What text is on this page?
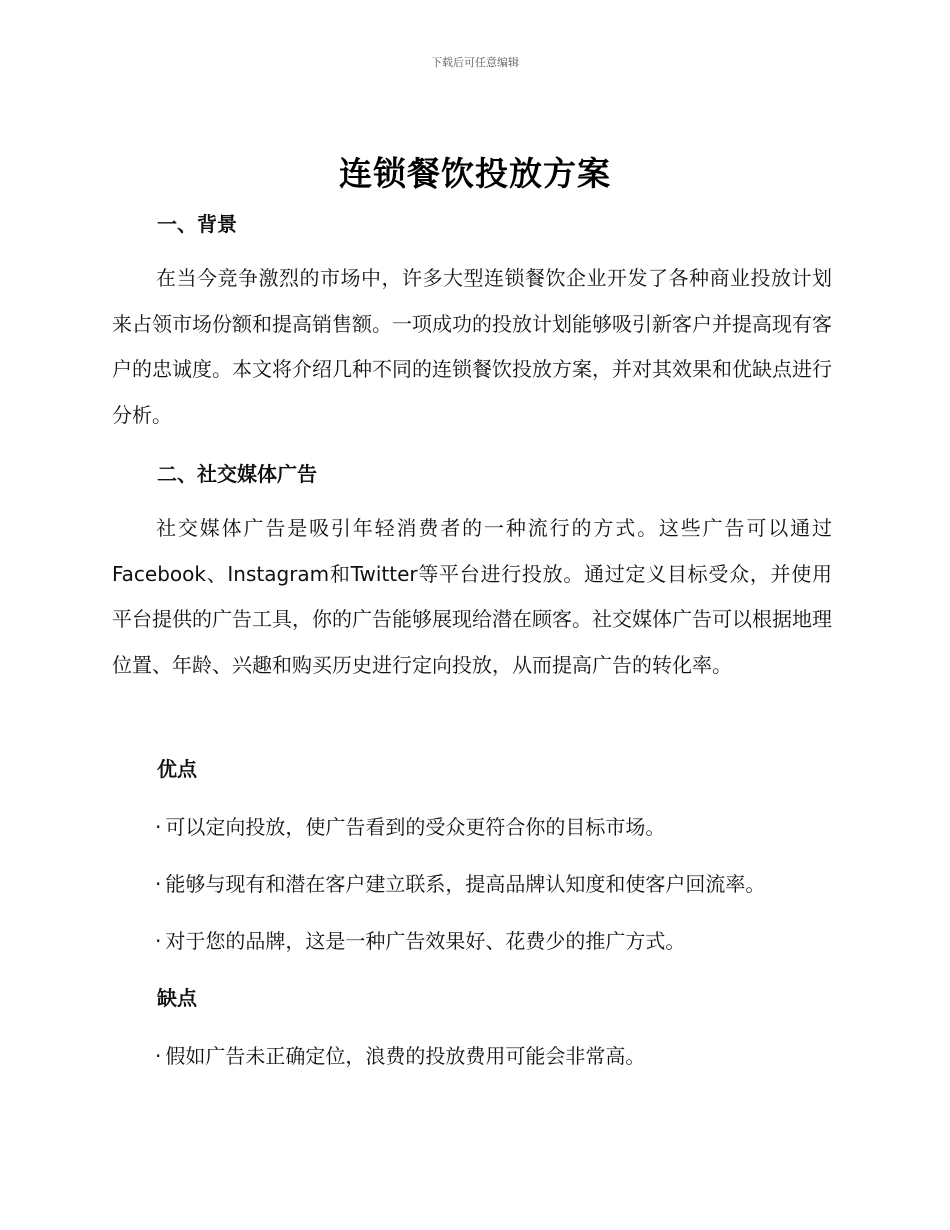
下载后可任意编辑
连锁餐饮投放方案
一、背景
在当今竞争激烈的市场中，许多大型连锁餐饮企业开发了各种商业投放计划来占领市场份额和提高销售额。一项成功的投放计划能够吸引新客户并提高现有客户的忠诚度。本文将介绍几种不同的连锁餐饮投放方案，并对其效果和优缺点进行分析。
二、社交媒体广告
社交媒体广告是吸引年轻消费者的一种流行的方式。这些广告可以通过Facebook、Instagram和Twitter等平台进行投放。通过定义目标受众，并使用平台提供的广告工具，你的广告能够展现给潜在顾客。社交媒体广告可以根据地理位置、年龄、兴趣和购买历史进行定向投放，从而提高广告的转化率。
优点
· 可以定向投放，使广告看到的受众更符合你的目标市场。
· 能够与现有和潜在客户建立联系，提高品牌认知度和使客户回流率。
· 对于您的品牌，这是一种广告效果好、花费少的推广方式。
缺点
· 假如广告未正确定位，浪费的投放费用可能会非常高。
